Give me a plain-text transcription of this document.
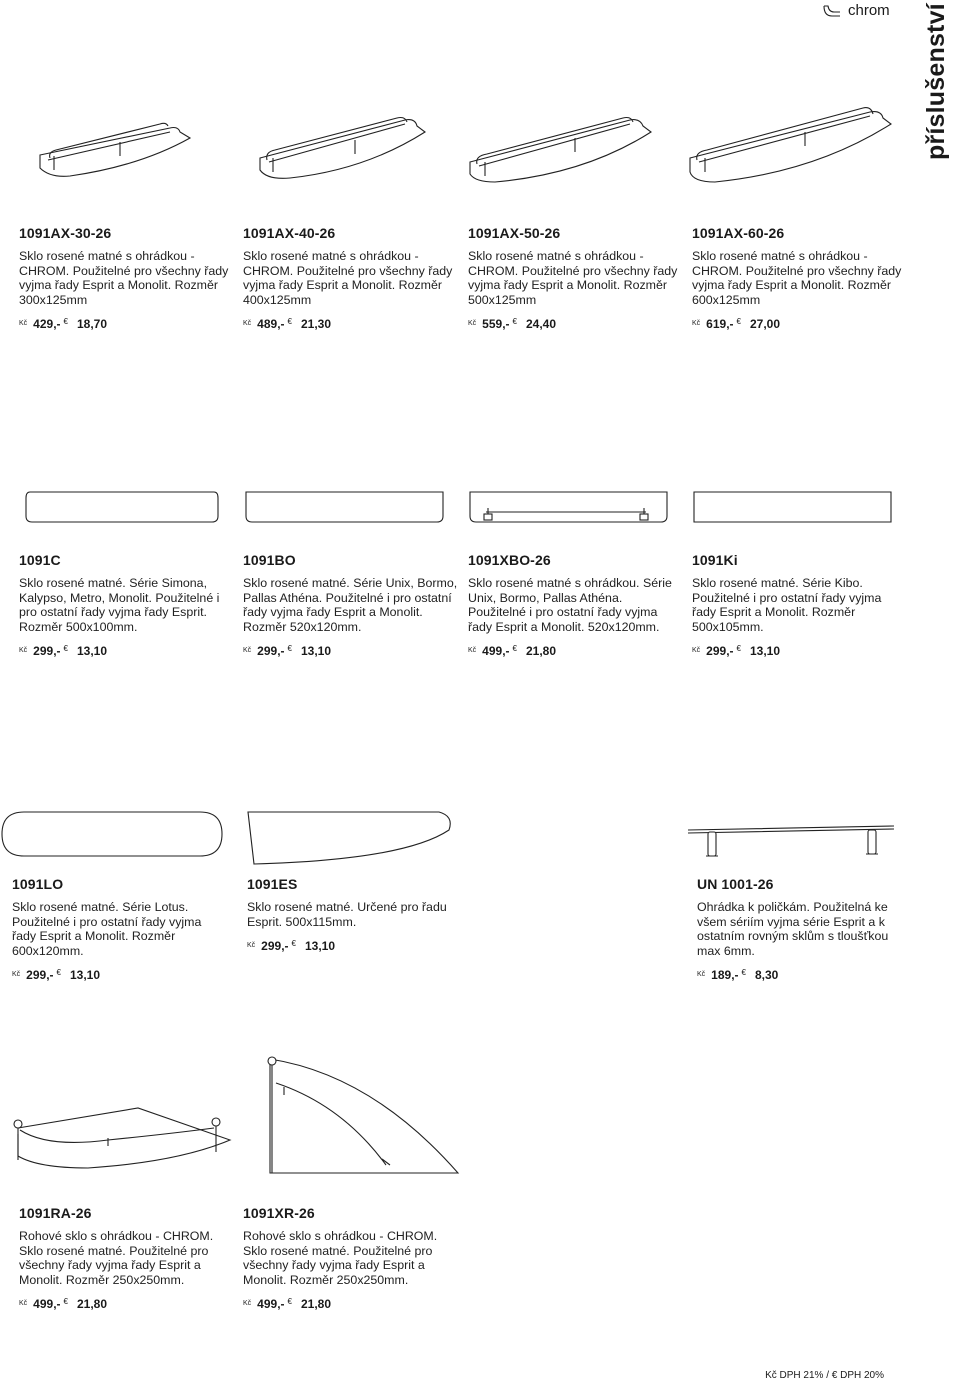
chrom příslušenství
1091AX-30-26
Sklo rosené matné s ohrádkou - CHROM. Použitelné pro všechny řady vyjma řady Esprit a Monolit. Rozměr 300x125mm
Kč 429,- € 18,70
1091AX-40-26
Sklo rosené matné s ohrádkou - CHROM. Použitelné pro všechny řady vyjma řady Esprit a Monolit. Rozměr 400x125mm
Kč 489,- € 21,30
1091AX-50-26
Sklo rosené matné s ohrádkou - CHROM. Použitelné pro všechny řady vyjma řady Esprit a Monolit. Rozměr 500x125mm
Kč 559,- € 24,40
1091AX-60-26
Sklo rosené matné s ohrádkou - CHROM. Použitelné pro všechny řady vyjma řady Esprit a Monolit. Rozměr 600x125mm
Kč 619,- € 27,00
1091C
Sklo rosené matné. Série Simona, Kalypso, Metro, Monolit. Použitelné i pro ostatní řady vyjma řady Esprit. Rozměr 500x100mm.
Kč 299,- € 13,10
1091BO
Sklo rosené matné. Série Unix, Bormo, Pallas Athéna. Použitelné i pro ostatní řady vyjma řady Esprit a Monolit. Rozměr 520x120mm.
Kč 299,- € 13,10
1091XBO-26
Sklo rosené matné s ohrádkou. Série Unix, Bormo, Pallas Athéna. Použitelné i pro ostatní řady vyjma řady Esprit a Monolit. 520x120mm.
Kč 499,- € 21,80
1091Ki
Sklo rosené matné. Série Kibo. Použitelné i pro ostatní řady vyjma řady Esprit a Monolit. Rozměr 500x105mm.
Kč 299,- € 13,10
1091LO
Sklo rosené matné. Série Lotus. Použitelné i pro ostatní řady vyjma řady Esprit a Monolit. Rozměr 600x120mm.
Kč 299,- € 13,10
1091ES
Sklo rosené matné. Určené pro řadu Esprit. 500x115mm.
Kč 299,- € 13,10
UN 1001-26
Ohrádka k poličkám. Použitelná ke všem sériím vyjma série Esprit a k ostatním rovným sklům s tloušťkou max 6mm.
Kč 189,- € 8,30
1091RA-26
Rohové sklo s ohrádkou - CHROM. Sklo rosené matné. Použitelné pro všechny řady vyjma řady Esprit a Monolit. Rozměr 250x250mm.
Kč 499,- € 21,80
1091XR-26
Rohové sklo s ohrádkou - CHROM. Sklo rosené matné. Použitelné pro všechny řady vyjma řady Esprit a Monolit. Rozměr 250x250mm.
Kč 499,- € 21,80
Kč DPH 21% / € DPH 20%
